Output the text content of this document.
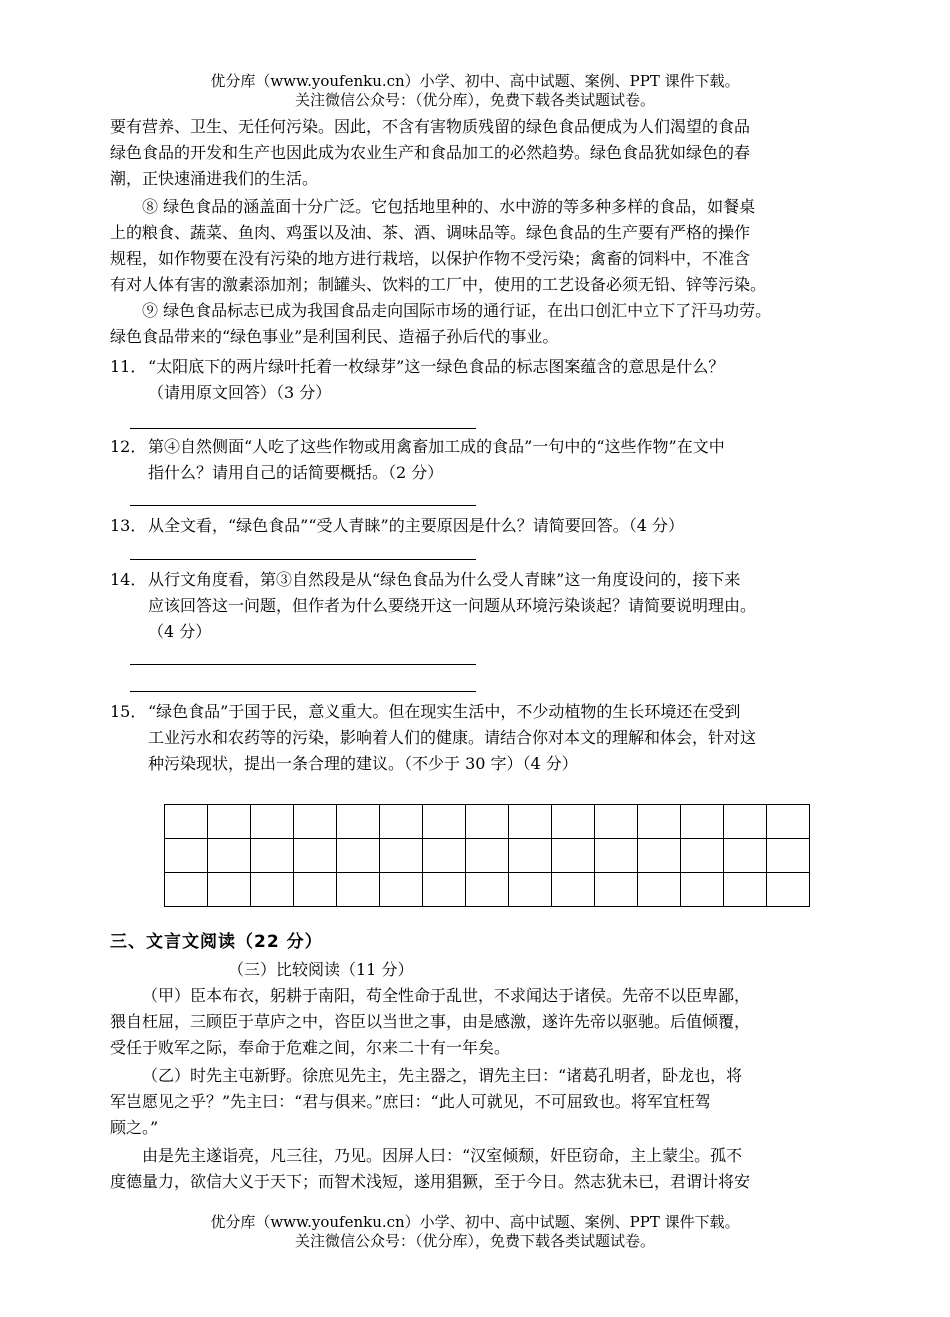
优分库（www.youfenku.cn）小学、初中、高中试题、案例、PPT 课件下载。
关注微信公众号：（优分库），免费下载各类试题试卷。
要有营养、卫生、无任何污染。因此，不含有害物质残留的绿色食品便成为人们渴望的食品
绿色食品的开发和生产也因此成为农业生产和食品加工的必然趋势。绿色食品犹如绿色的春
潮，正快速涌进我们的生活。
⑧ 绿色食品的涵盖面十分广泛。它包括地里种的、水中游的等多种多样的食品，如餐桌
上的粮食、蔬菜、鱼肉、鸡蛋以及油、茶、酒、调味品等。绿色食品的生产要有严格的操作
规程，如作物要在没有污染的地方进行栽培，以保护作物不受污染；禽畜的饲料中，不准含
有对人体有害的激素添加剂；制罐头、饮料的工厂中，使用的工艺设备必须无铅、锌等污染。
⑨ 绿色食品标志已成为我国食品走向国际市场的通行证，在出口创汇中立下了汗马功劳。
绿色食品带来的“绿色事业”是利国利民、造福子孙后代的事业。
11． “太阳底下的两片绿叶托着一枚绿芽”这一绿色食品的标志图案蕴含的意思是什么？
（请用原文回答）（3 分）
12． 第④自然侧面“人吃了这些作物或用禽畜加工成的食品”一句中的“这些作物”在文中
指什么？请用自己的话简要概括。（2 分）
13． 从全文看，“绿色食品”“受人青睐”的主要原因是什么？请简要回答。（4 分）
14． 从行文角度看，第③自然段是从“绿色食品为什么受人青睐”这一角度设问的，接下来
应该回答这一问题，但作者为什么要绕开这一问题从环境污染谈起？请简要说明理由。
（4 分）
15． “绿色食品”于国于民，意义重大。但在现实生活中，不少动植物的生长环境还在受到
工业污水和农药等的污染，影响着人们的健康。请结合你对本文的理解和体会，针对这
种污染现状，提出一条合理的建议。（不少于 30 字）（4 分）

三、文言文阅读（22 分）
（三）比较阅读（11 分）
（甲）臣本布衣，躬耕于南阳，苟全性命于乱世，不求闻达于诸侯。先帝不以臣卑鄙，
猥自枉屈，三顾臣于草庐之中，咨臣以当世之事，由是感激，遂许先帝以驱驰。后值倾覆，
受任于败军之际，奉命于危难之间，尔来二十有一年矣。
（乙）时先主屯新野。徐庶见先主，先主器之，谓先主曰：“诸葛孔明者，卧龙也，将
军岂愿见之乎？”先主曰：“君与俱来。”庶曰：“此人可就见，不可屈致也。将军宜枉驾
顾之。”
由是先主遂诣亮，凡三往，乃见。因屏人曰：“汉室倾颓，奸臣窃命，主上蒙尘。孤不
度德量力，欲信大义于天下；而智术浅短，遂用猖獗，至于今日。然志犹未已，君谓计将安
优分库（www.youfenku.cn）小学、初中、高中试题、案例、PPT 课件下载。
关注微信公众号：（优分库），免费下载各类试题试卷。
